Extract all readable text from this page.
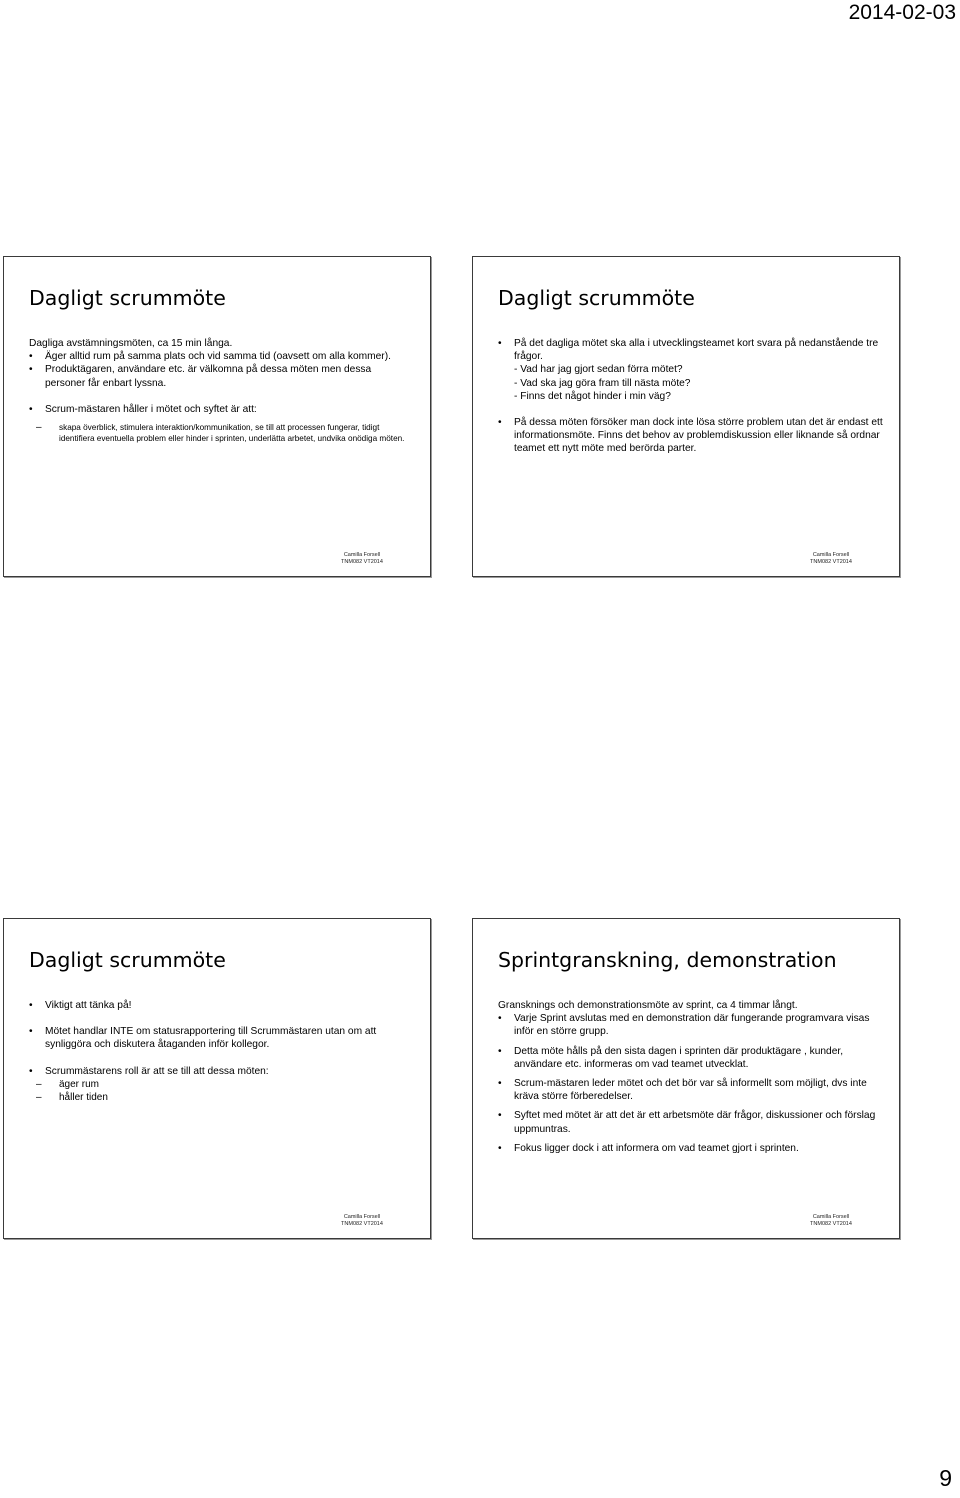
2014-02-03
Dagligt scrummöte

Dagliga avstämningsmöten, ca 15 min långa.

• Äger alltid rum på samma plats och vid samma tid (oavsett om alla kommer).

• Produktägaren, användare etc. är välkomna på dessa möten men dessa personer får enbart lyssna.

• Scrum-mästaren håller i mötet och syftet är att:

– skapa överblick, stimulera interaktion/kommunikation, se till att processen fungerar, tidigt identifiera eventuella problem eller hinder i sprinten, underlätta arbetet, undvika onödiga möten.

Camilla Forsell
TNM082 VT2014
Dagligt scrummöte

• På det dagliga mötet ska alla i utvecklingsteamet kort svara på nedanstående tre frågor.

- Vad har jag gjort sedan förra mötet?

- Vad ska jag göra fram till nästa möte?

- Finns det något hinder i min väg?

• På dessa möten försöker man dock inte lösa större problem utan det är endast ett informationsmöte. Finns det behov av problemdiskussion eller liknande så ordnar teamet ett nytt möte med berörda parter.

Camilla Forsell
TNM082 VT2014
Dagligt scrummöte

• Viktigt att tänka på!

• Mötet handlar INTE om statusrapportering till Scrummästaren utan om att synliggöra och diskutera åtaganden inför kollegor.

• Scrummästarens roll är att se till att dessa möten:

– äger rum

– håller tiden

Camilla Forsell
TNM082 VT2014
Sprintgranskning, demonstration

Gransknings och demonstrationsmöte av sprint, ca 4 timmar långt.

• Varje Sprint avslutas med en demonstration där fungerande programvara visas inför en större grupp.

• Detta möte hålls på den sista dagen i sprinten där produktägare , kunder, användare etc. informeras om vad teamet utvecklat.

• Scrum-mästaren leder mötet och det bör var så informellt som möjligt, dvs inte kräva större förberedelser.

• Syftet med mötet är att det är ett arbetsmöte där frågor, diskussioner och förslag uppmuntras.

• Fokus ligger dock i att informera om vad teamet gjort i sprinten.

Camilla Forsell
TNM082 VT2014
9
